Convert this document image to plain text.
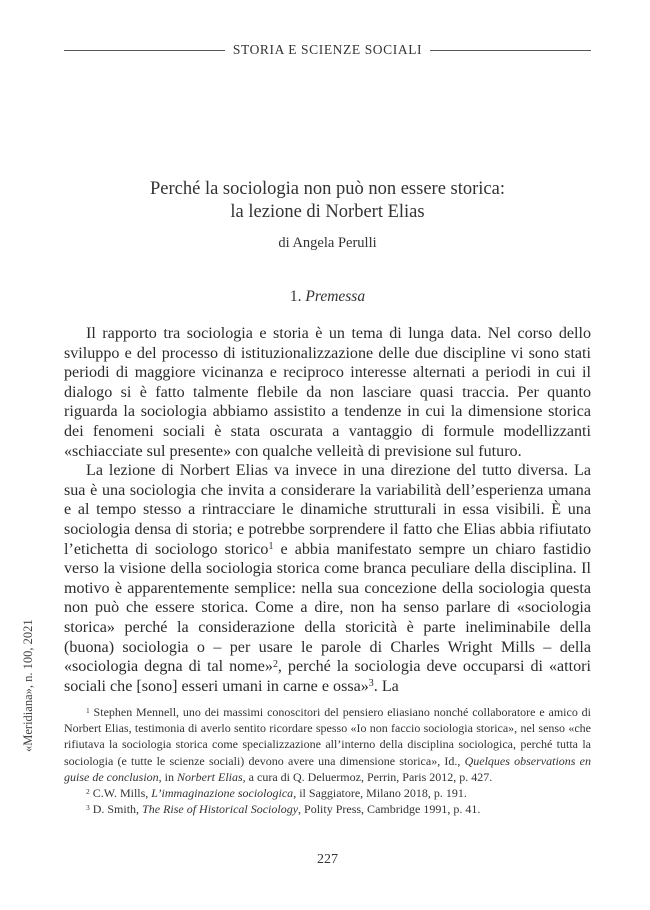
STORIA E SCIENZE SOCIALI
Perché la sociologia non può non essere storica:
la lezione di Norbert Elias
di Angela Perulli
1. Premessa

Il rapporto tra sociologia e storia è un tema di lunga data. Nel corso dello sviluppo e del processo di istituzionalizzazione delle due discipline vi sono stati periodi di maggiore vicinanza e reciproco interesse alternati a periodi in cui il dialogo si è fatto talmente flebile da non lasciare quasi traccia. Per quanto riguarda la sociologia abbiamo assistito a tendenze in cui la dimensione storica dei fenomeni sociali è stata oscurata a vantaggio di formule modellizzanti «schiacciate sul presente» con qualche velleità di previsione sul futuro.

La lezione di Norbert Elias va invece in una direzione del tutto diversa. La sua è una sociologia che invita a considerare la variabilità dell’esperienza umana e al tempo stesso a rintracciare le dinamiche strutturali in essa visibili. È una sociologia densa di storia; e potrebbe sorprendere il fatto che Elias abbia rifiutato l’etichetta di sociologo storico$^1$ e abbia manifestato sempre un chiaro fastidio verso la visione della sociologia storica come branca peculiare della disciplina. Il motivo è apparentemente semplice: nella sua concezione della sociologia questa non può che essere storica. Come a dire, non ha senso parlare di «sociologia storica» perché la considerazione della storicità è parte ineliminabile della (buona) sociologia o – per usare le parole di Charles Wright Mills – della «sociologia degna di tal nome»$^2$, perché la sociologia deve occuparsi di «attori sociali che [sono] esseri umani in carne e ossa»$^3$. La

«Meridiana», n. 100, 2021	$^1$ Stephen Mennell, uno dei massimi conoscitori del pensiero eliasiano nonché collaboratore e amico di Norbert Elias, testimonia di averlo sentito ricordare spesso «Io non faccio sociologia storica», nel senso «che rifiutava la sociologia storica come specializzazione all’interno della disciplina sociologica, perché tutta la sociologia (e tutte le scienze sociali) devono avere una dimensione storica», Id., Quelques observations en guise de conclusion, in Norbert Elias, a cura di Q. Deluermoz, Perrin, Paris 2012, p. 427.

$^2$ C.W. Mills, L’immaginazione sociologica, il Saggiatore, Milano 2018, p. 191.

$^3$ D. Smith, The Rise of Historical Sociology, Polity Press, Cambridge 1991, p. 41.

227
